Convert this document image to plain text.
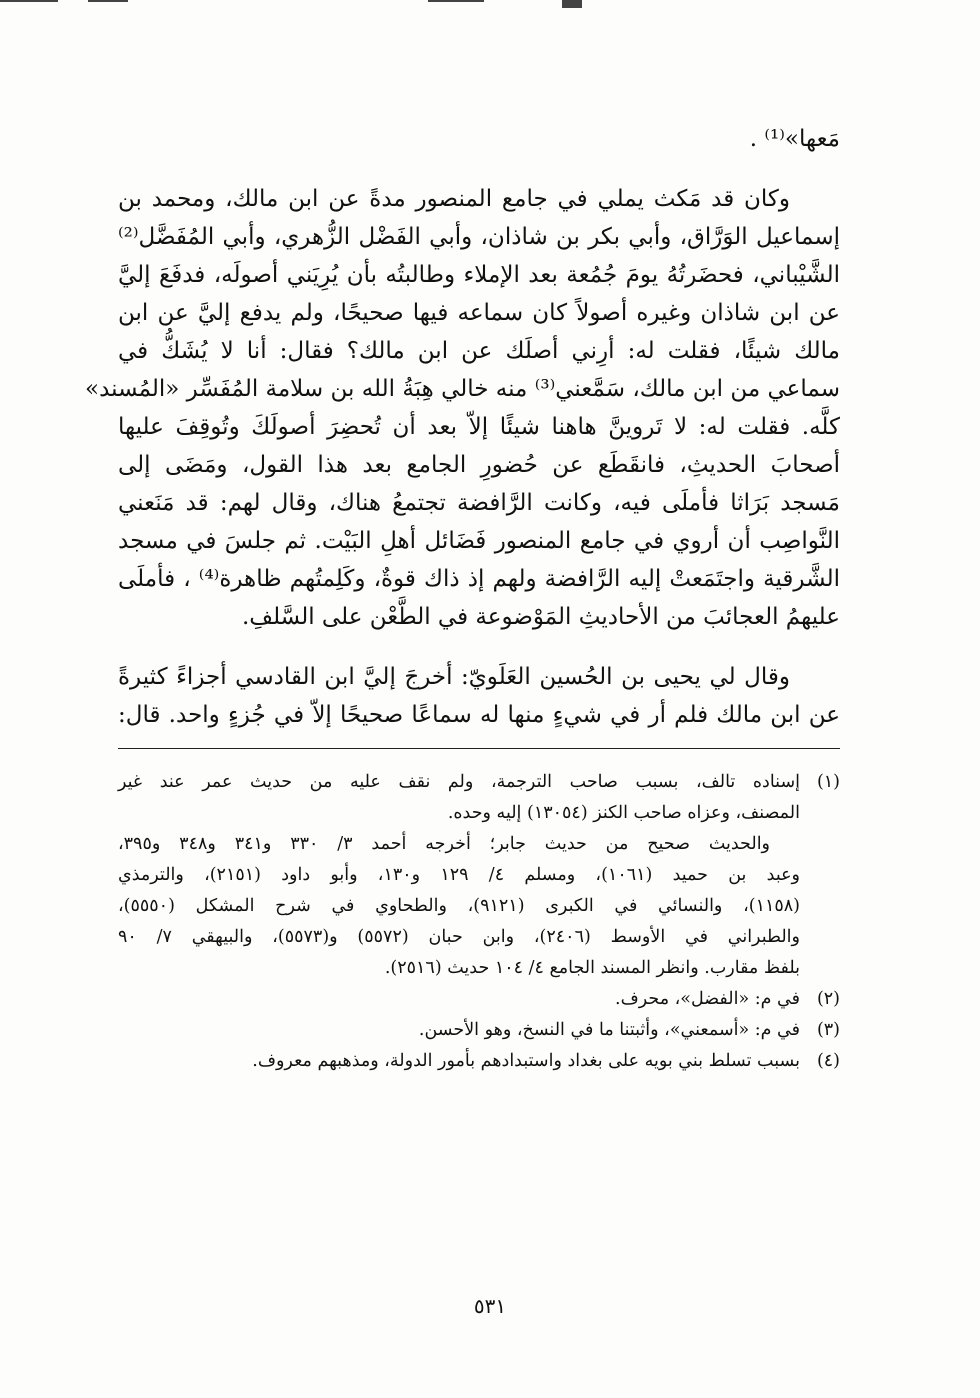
مَعها»⁽¹⁾ .
وكان قد مَكث يملي في جامع المنصور مدةً عن ابن مالك، ومحمد بن
إسماعيل الوَرَّاق، وأبي بكر بن شاذان، وأبي الفَضْل الزُّهري، وأبي المُفَضَّل⁽²⁾
الشَّيْباني، فحضَرتُهُ يومَ جُمُعة بعد الإملاء وطالبتُه بأن يُرِيَني أصولَه، فدفَعَ إليَّ
عن ابن شاذان وغيره أصولاً كان سماعه فيها صحيحًا، ولم يدفع إليَّ عن ابن
مالك شيئًا، فقلت له: أرِني أصلَك عن ابن مالك؟ فقال: أنا لا يُشَكُّ في
سماعي من ابن مالك، سَمَّعني⁽³⁾ منه خالي هِبَةُ الله بن سلامة المُفَسِّر «المُسند»
كلَّه. فقلت له: لا تَروينَّ هاهنا شيئًا إلاّ بعد أن تُحضِرَ أصولَكَ وتُوقِفَ عليها
أصحابَ الحديثِ، فانقَطَع عن حُضورِ الجامع بعد هذا القول، ومَضَى إلى
مَسجد بَرَاثا فأملَى فيه، وكانت الرَّافضة تجتمعُ هناك، وقال لهم: قد مَنَعني
النَّواصِب أن أروي في جامع المنصور فَضَائل أهلِ البَيْت. ثم جلسَ في مسجد
الشَّرقية واجتَمَعتْ إليه الرَّافضة ولهم إذ ذاك قوةٌ، وكَلِمتُهم ظاهرة⁽⁴⁾ ، فأملَى
عليهمُ العجائبَ من الأحاديثِ المَوْضوعة في الطَّعْن على السَّلفِ.
وقال لي يحيى بن الحُسين العَلَويّ: أخرجَ إليَّ ابن القادسي أجزاءً كثيرةً
عن ابن مالك فلم أر في شيءٍ منها له سماعًا صحيحًا إلاّ في جُزءٍ واحد. قال:
(١)
إسناده تالف، بسبب صاحب الترجمة، ولم نقف عليه من حديث عمر عند غير
المصنف، وعزاه صاحب الكنز (١٣٠٥٤) إليه وحده.
والحديث صحيح من حديث جابر؛ أخرجه أحمد ٣/ ٣٣٠ و٣٤١ و٣٤٨ و٣٩٥،
وعبد بن حميد (١٠٦١)، ومسلم ٤/ ١٢٩ و١٣٠، وأبو داود (٢١٥١)، والترمذي
(١١٥٨)، والنسائي في الكبرى (٩١٢١)، والطحاوي في شرح المشكل (٥٥٥٠)،
والطبراني في الأوسط (٢٤٠٦)، وابن حبان (٥٥٧٢) و(٥٥٧٣)، والبيهقي ٧/ ٩٠
بلفظ مقارب. وانظر المسند الجامع ٤/ ١٠٤ حديث (٢٥١٦).
(٢)
في م: «الفضل»، محرف.
(٣)
في م: «أسمعني»، وأثبتنا ما في النسخ، وهو الأحسن.
(٤)
بسبب تسلط بني بويه على بغداد واستبدادهم بأمور الدولة، ومذهبهم معروف.
٥٣١
